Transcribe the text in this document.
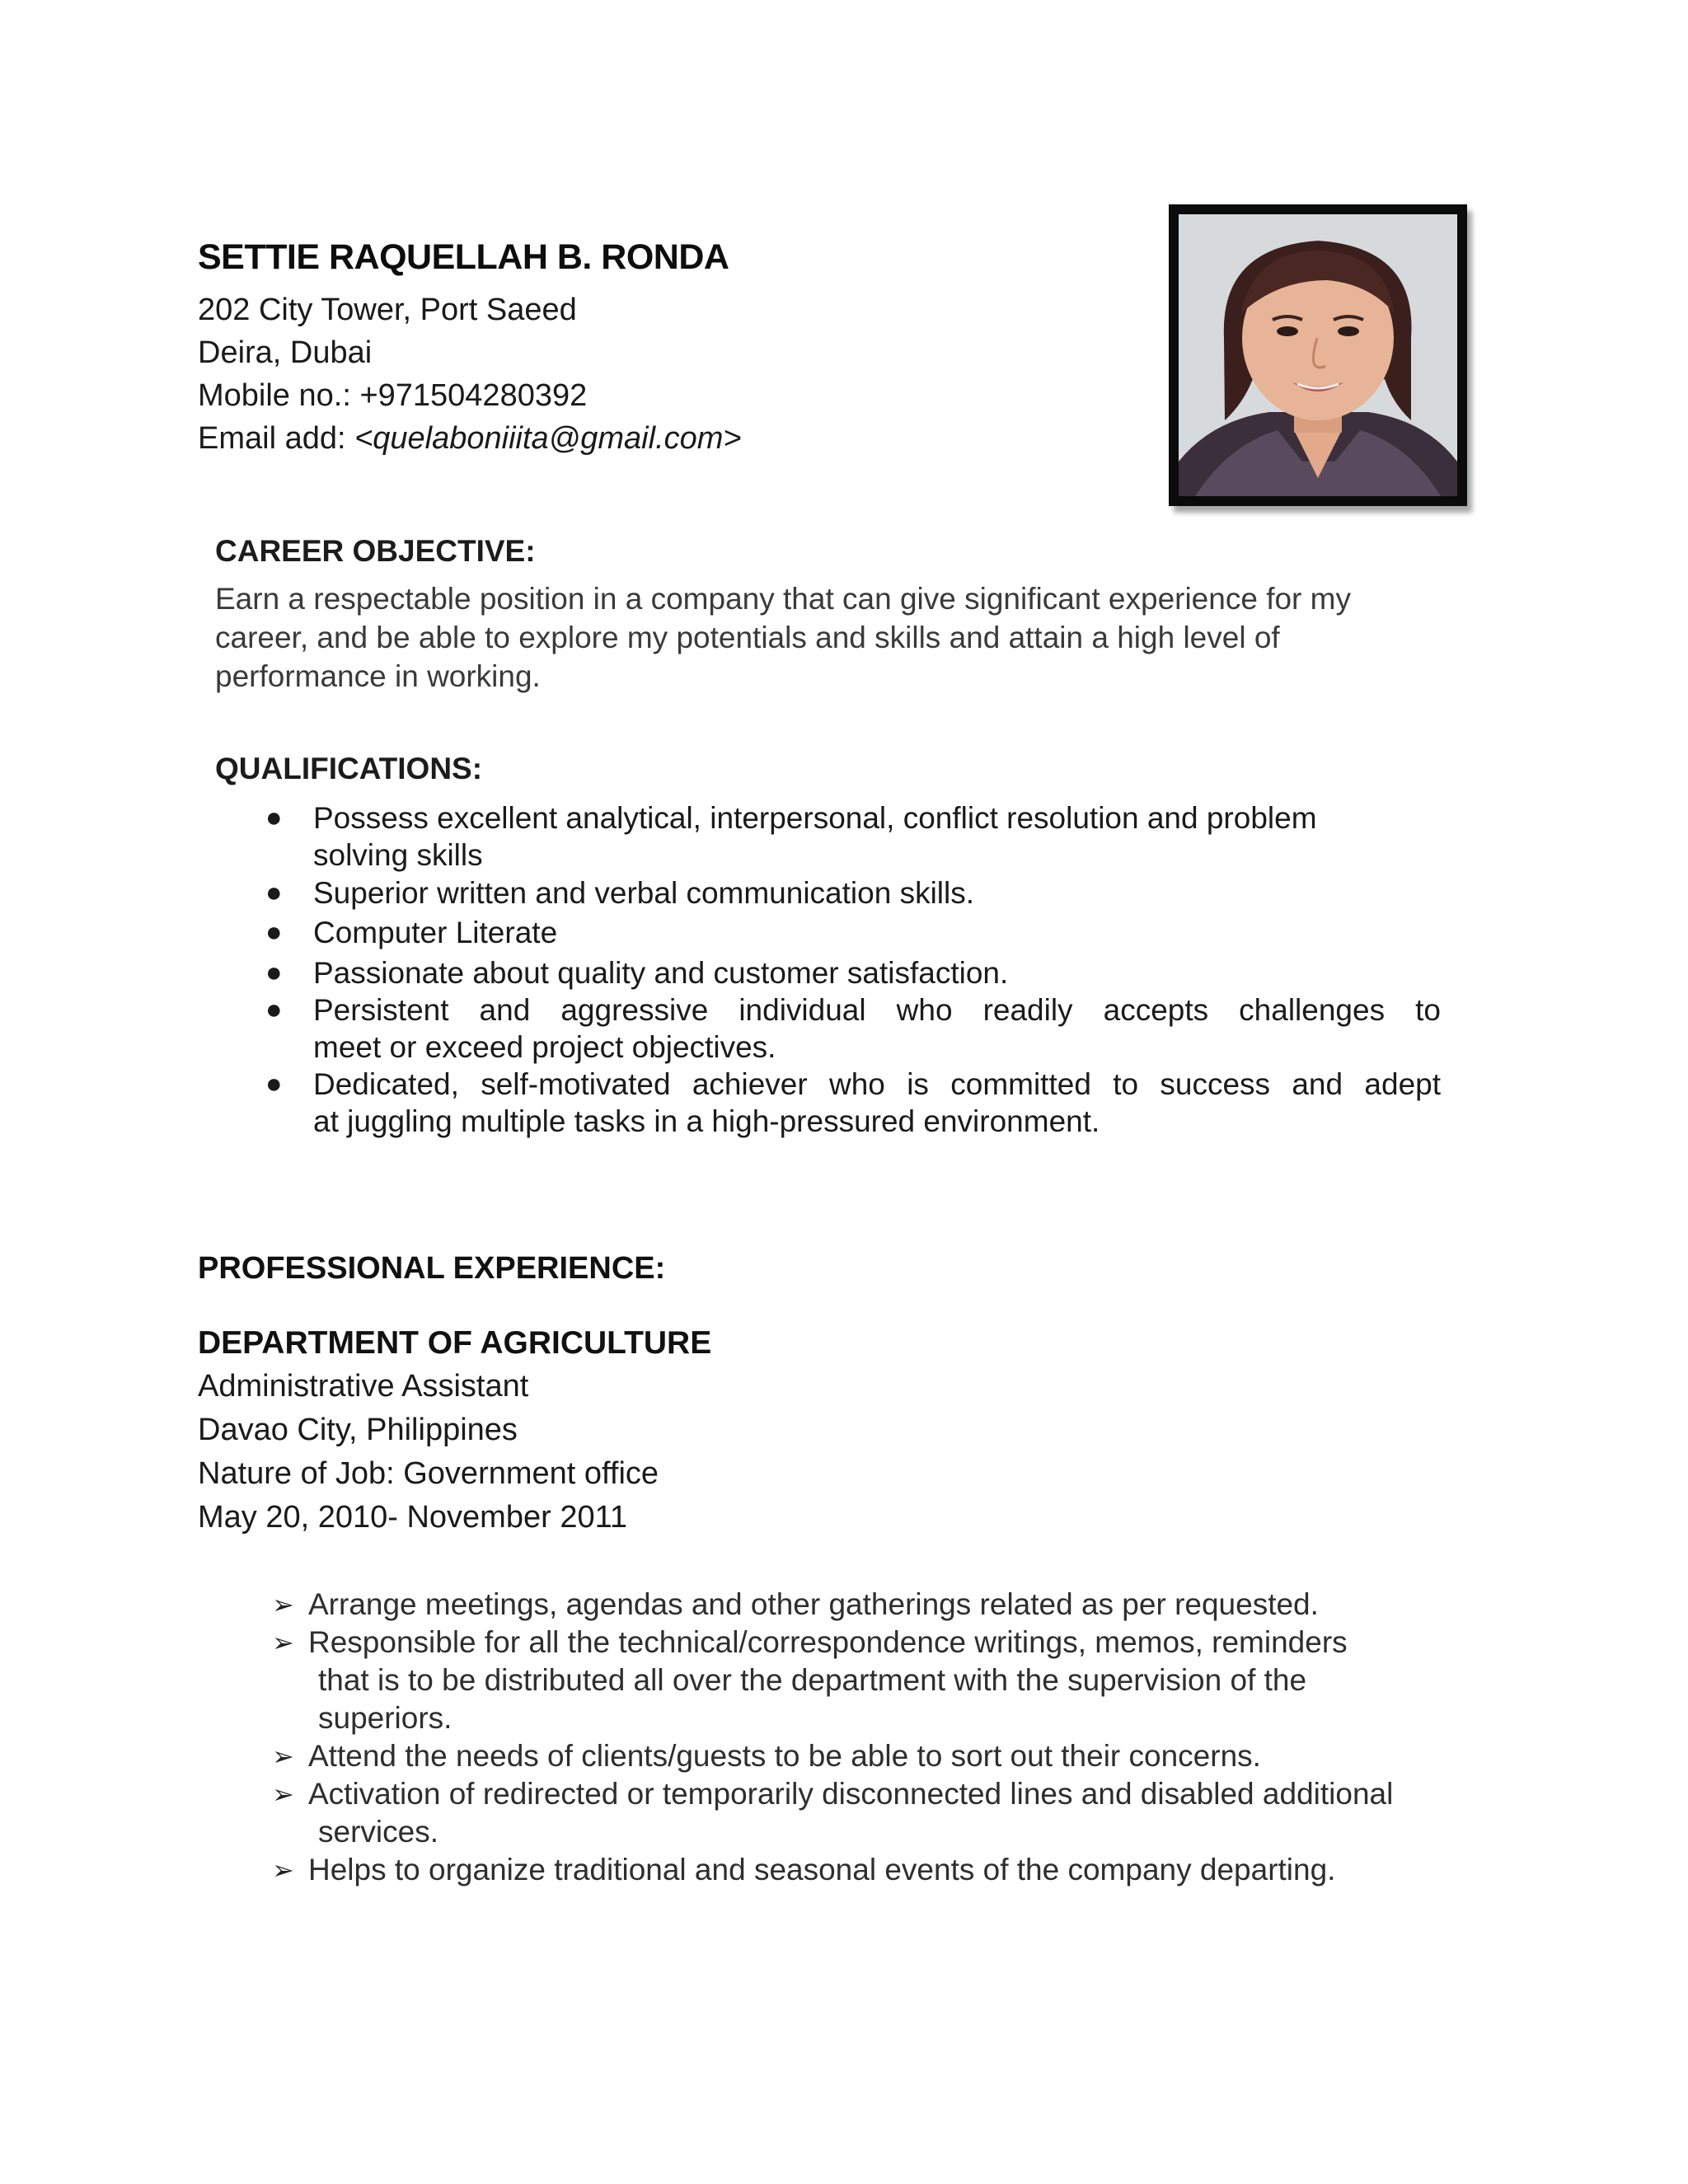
SETTIE RAQUELLAH B. RONDA
202 City Tower, Port Saeed
Deira, Dubai
Mobile no.: +971504280392
Email add: <quelaboniiita@gmail.com>
CAREER OBJECTIVE:
Earn a respectable position in a company that can give significant experience for my
career, and be able to explore my potentials and skills and attain a high level of
performance in working.
QUALIFICATIONS:
● Possess excellent analytical, interpersonal, conflict resolution and problem
solving skills
● Superior written and verbal communication skills.
● Computer Literate
● Passionate about quality and customer satisfaction.
● Persistent and aggressive individual who readily accepts challenges to
meet or exceed project objectives.
● Dedicated, self-motivated achiever who is committed to success and adept
at juggling multiple tasks in a high-pressured environment.
PROFESSIONAL EXPERIENCE:
DEPARTMENT OF AGRICULTURE
Administrative Assistant
Davao City, Philippines
Nature of Job: Government office
May 20, 2010- November 2011
➢ Arrange meetings, agendas and other gatherings related as per requested.
➢ Responsible for all the technical/correspondence writings, memos, reminders
that is to be distributed all over the department with the supervision of the
superiors.
➢ Attend the needs of clients/guests to be able to sort out their concerns.
➢ Activation of redirected or temporarily disconnected lines and disabled additional
services.
➢ Helps to organize traditional and seasonal events of the company departing.
